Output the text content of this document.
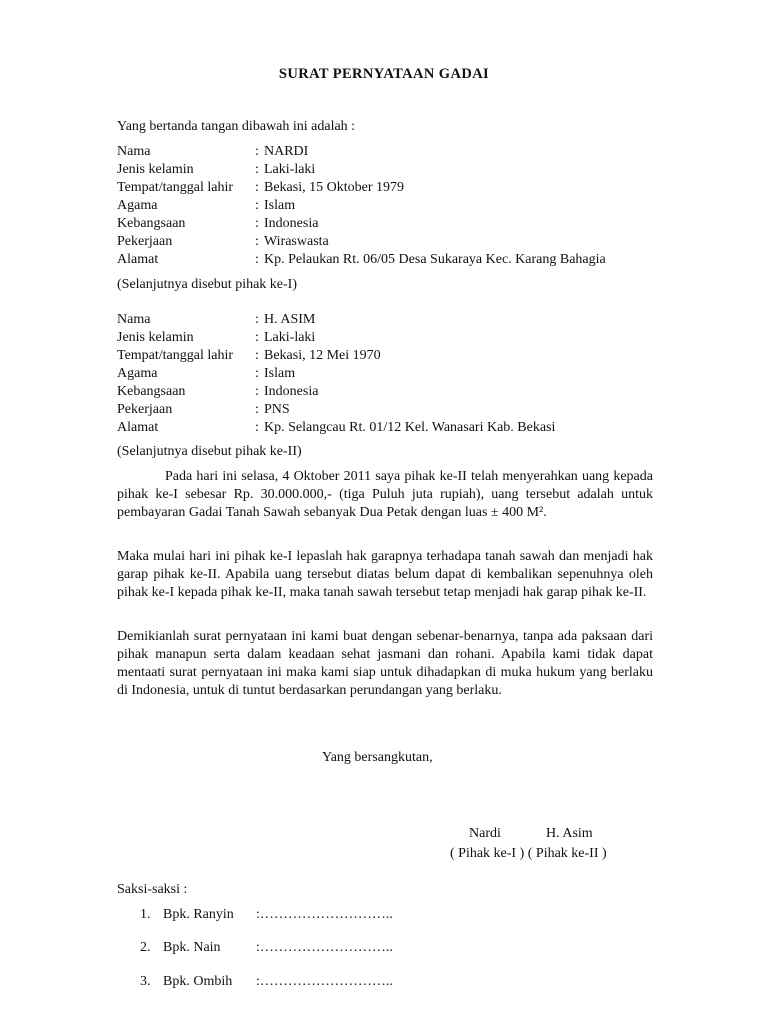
SURAT PERNYATAAN GADAI
Yang bertanda tangan dibawah ini adalah :
Nama	: NARDI
Jenis kelamin	: Laki-laki
Tempat/tanggal lahir : Bekasi, 15 Oktober 1979
Agama	: Islam
Kebangsaan	: Indonesia
Pekerjaan	: Wiraswasta
Alamat	: Kp. Pelaukan Rt. 06/05 Desa Sukaraya Kec. Karang Bahagia
(Selanjutnya disebut pihak ke-I)
Nama	: H. ASIM
Jenis kelamin	: Laki-laki
Tempat/tanggal lahir : Bekasi, 12 Mei 1970
Agama	: Islam
Kebangsaan	: Indonesia
Pekerjaan	: PNS
Alamat	: Kp. Selangcau Rt. 01/12 Kel. Wanasari Kab. Bekasi
(Selanjutnya disebut pihak ke-II)

Pada hari ini selasa, 4 Oktober 2011 saya pihak ke-II telah menyerahkan uang kepada pihak ke-I sebesar Rp. 30.000.000,- (tiga Puluh juta rupiah), uang tersebut adalah untuk pembayaran Gadai Tanah Sawah sebanyak Dua Petak dengan luas ± 400 M².

Maka mulai hari ini pihak ke-I lepaslah hak garapnya terhadapa tanah sawah dan menjadi hak garap pihak ke-II. Apabila uang tersebut diatas belum dapat di kembalikan sepenuhnya oleh pihak ke-I kepada pihak ke-II, maka tanah sawah tersebut tetap menjadi hak garap pihak ke-II.

Demikianlah surat pernyataan ini kami buat dengan sebenar-benarnya, tanpa ada paksaan dari pihak manapun serta dalam keadaan sehat jasmani dan rohani. Apabila kami tidak dapat mentaati surat pernyataan ini maka kami siap untuk dihadapkan di muka hukum yang berlaku di Indonesia, untuk di tuntut berdasarkan perundangan yang berlaku.

Yang bersangkutan,
Nardi	H. Asim
( Pihak ke-I ) ( Pihak ke-II )
Saksi-saksi :
1. Bpk. Ranyin :………………………..
2. Bpk. Nain	:………………………..
3. Bpk. Ombih :………………………..
